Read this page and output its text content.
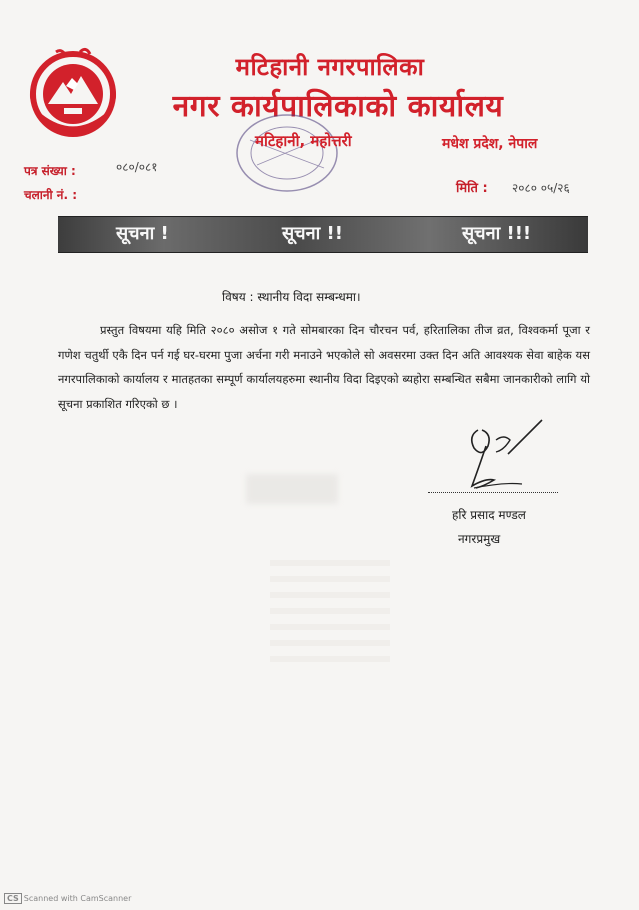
मटिहानी नगरपालिका
नगर कार्यपालिकाको कार्यालय
मटिहानी, महोत्तरी	मधेश प्रदेश, नेपाल
पत्र संख्या :	०८०/०८१
चलानी नं. :	मिति : २०८० ०५/२६
सूचना !	सूचना !!	सूचना !!!
विषय : स्थानीय विदा सम्बन्धमा।

प्रस्तुत विषयमा यहि मिति २०८० असोज १ गते सोमबारका दिन चौरचन पर्व, हरितालिका तीज व्रत, विश्वकर्मा पूजा र गणेश चतुर्थी एकै दिन पर्न गई घर-घरमा पुजा अर्चना गरी मनाउने भएकोले सो अवसरमा उक्त दिन अति आवश्यक सेवा बाहेक यस नगरपालिकाको कार्यालय र मातहतका सम्पूर्ण कार्यालयहरुमा स्थानीय विदा दिइएको ब्यहोरा सम्बन्धित सबैमा जानकारीको लागि यो सूचना प्रकाशित गरिएको छ ।

हरि प्रसाद मण्डल
नगरप्रमुख
CS Scanned with CamScanner
